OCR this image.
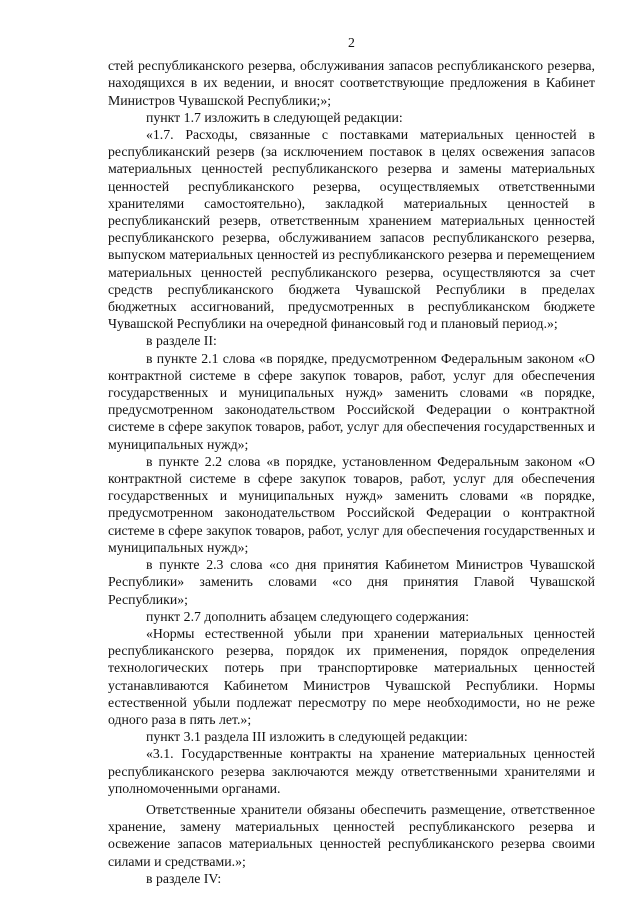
2

стей республиканского резерва, обслуживания запасов республиканского резерва, находящихся в их ведении, и вносят соответствующие предложения в Кабинет Министров Чувашской Республики;»;

пункт 1.7 изложить в следующей редакции:

«1.7. Расходы, связанные с поставками материальных ценностей в республиканский резерв (за исключением поставок в целях освежения запасов материальных ценностей республиканского резерва и замены материальных ценностей республиканского резерва, осуществляемых ответственными хранителями самостоятельно), закладкой материальных ценностей в республиканский резерв, ответственным хранением материальных ценностей республиканского резерва, обслуживанием запасов республиканского резерва, выпуском материальных ценностей из республиканского резерва и перемещением материальных ценностей республиканского резерва, осуществляются за счет средств республиканского бюджета Чувашской Республики в пределах бюджетных ассигнований, предусмотренных в республиканском бюджете Чувашской Республики на очередной финансовый год и плановый период.»;

в разделе II:

в пункте 2.1 слова «в порядке, предусмотренном Федеральным законом «О контрактной системе в сфере закупок товаров, работ, услуг для обеспечения государственных и муниципальных нужд» заменить словами «в порядке, предусмотренном законодательством Российской Федерации о контрактной системе в сфере закупок товаров, работ, услуг для обеспечения государственных и муниципальных нужд»;

в пункте 2.2 слова «в порядке, установленном Федеральным законом «О контрактной системе в сфере закупок товаров, работ, услуг для обеспечения государственных и муниципальных нужд» заменить словами «в порядке, предусмотренном законодательством Российской Федерации о контрактной системе в сфере закупок товаров, работ, услуг для обеспечения государственных и муниципальных нужд»;

в пункте 2.3 слова «со дня принятия Кабинетом Министров Чувашской Республики» заменить словами «со дня принятия Главой Чувашской Республики»;

пункт 2.7 дополнить абзацем следующего содержания:

«Нормы естественной убыли при хранении материальных ценностей республиканского резерва, порядок их применения, порядок определения технологических потерь при транспортировке материальных ценностей устанавливаются Кабинетом Министров Чувашской Республики. Нормы естественной убыли подлежат пересмотру по мере необходимости, но не реже одного раза в пять лет.»;

пункт 3.1 раздела III изложить в следующей редакции:

«3.1. Государственные контракты на хранение материальных ценностей республиканского резерва заключаются между ответственными хранителями и уполномоченными органами.

Ответственные хранители обязаны обеспечить размещение, ответственное хранение, замену материальных ценностей республиканского резерва и освежение запасов материальных ценностей республиканского резерва своими силами и средствами.»;

в разделе IV:
